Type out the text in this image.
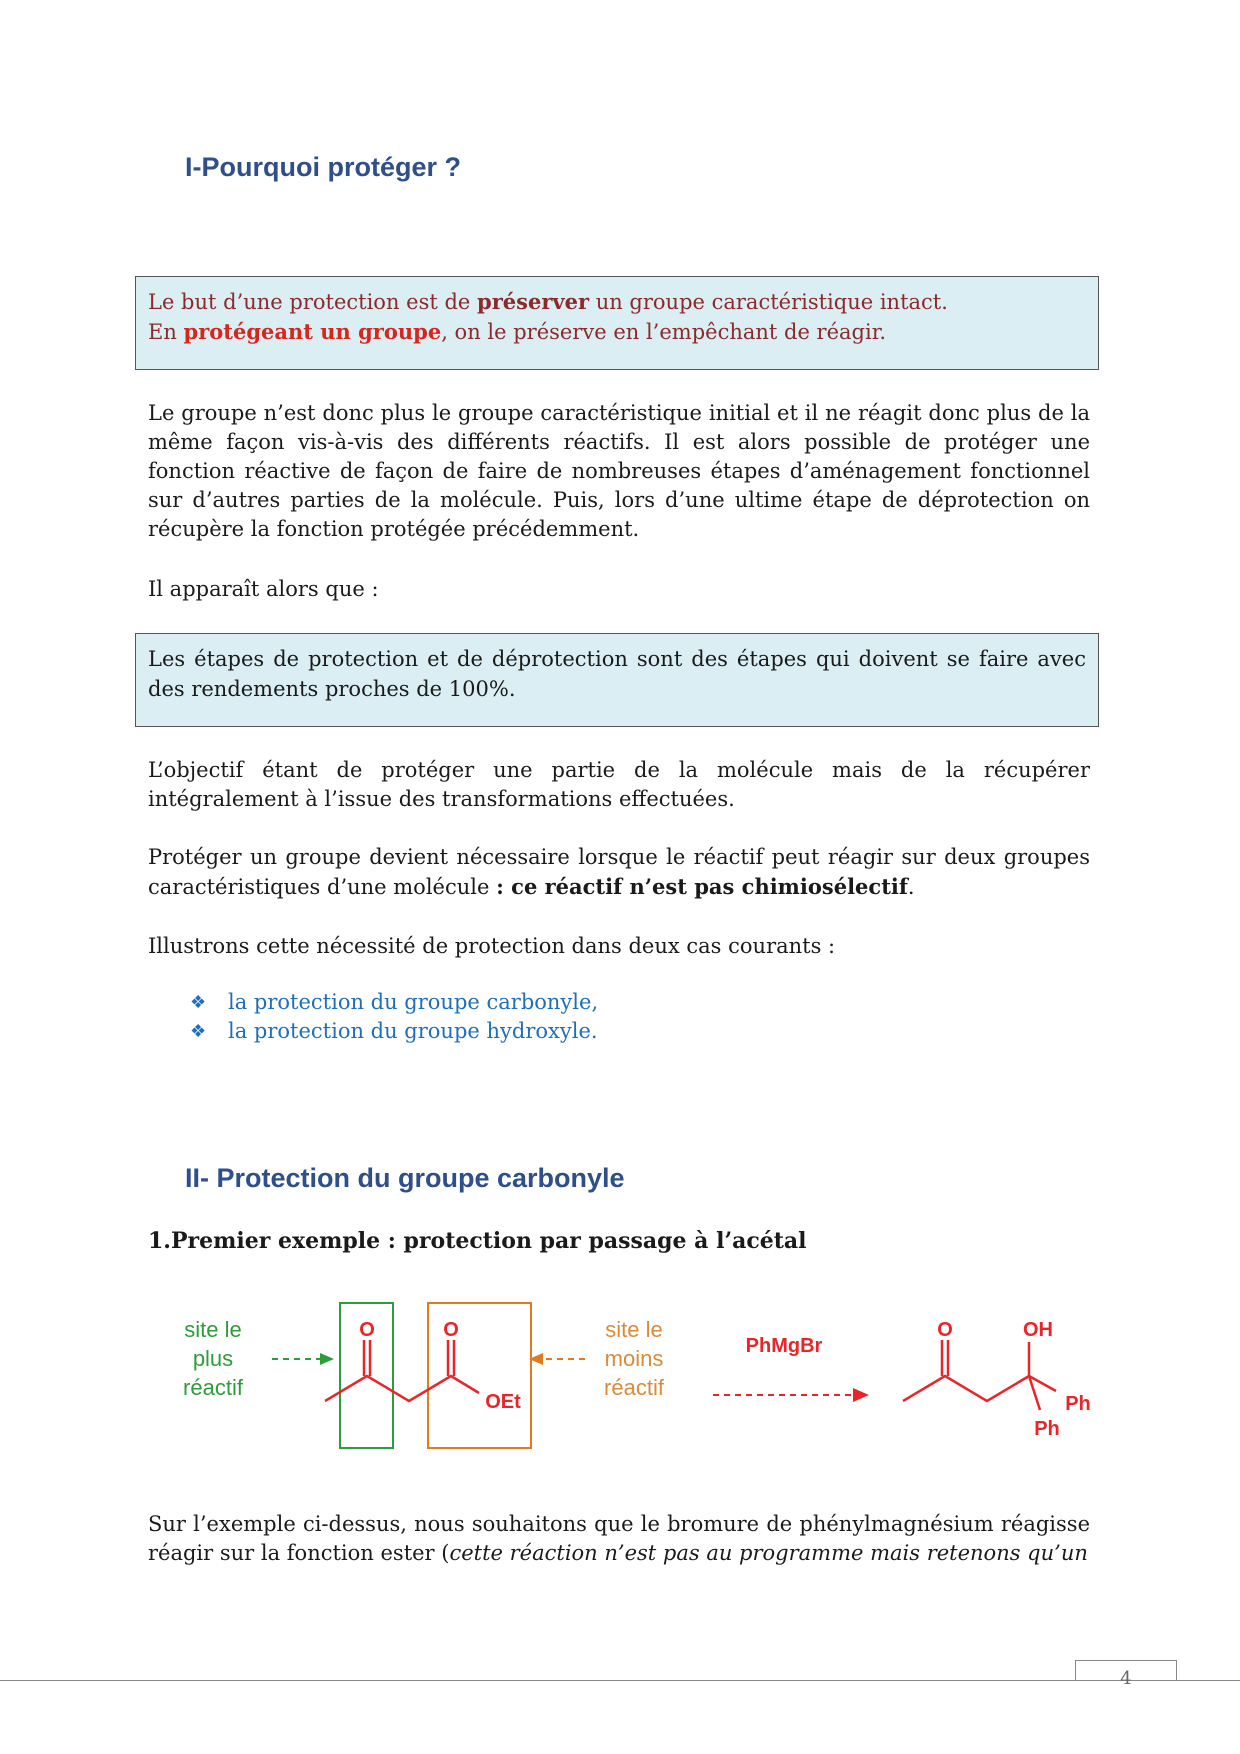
I-Pourquoi protéger ?
Le but d’une protection est de préserver un groupe caractéristique intact.
En protégeant un groupe, on le préserve en l’empêchant de réagir.

Le groupe n’est donc plus le groupe caractéristique initial et il ne réagit donc plus de la même façon vis-à-vis des différents réactifs. Il est alors possible de protéger une fonction réactive de façon de faire de nombreuses étapes d’aménagement fonctionnel sur d’autres parties de la molécule. Puis, lors d’une ultime étape de déprotection on récupère la fonction protégée précédemment.

Il apparaît alors que :

Les étapes de protection et de déprotection sont des étapes qui doivent se faire avec des rendements proches de 100%.

L’objectif étant de protéger une partie de la molécule mais de la récupérer intégralement à l’issue des transformations effectuées.

Protéger un groupe devient nécessaire lorsque le réactif peut réagir sur deux groupes caractéristiques d’une molécule : ce réactif n’est pas chimiosélectif.

Illustrons cette nécessité de protection dans deux cas courants :

❖	la protection du groupe carbonyle,
❖	la protection du groupe hydroxyle.
II- Protection du groupe carbonyle
1.Premier exemple : protection par passage à l’acétal
site le
plus
réactif
O	O
OEt
site le
moins
réactif
PhMgBr
O	OH
Ph
Ph

Sur l’exemple ci-dessus, nous souhaitons que le bromure de phénylmagnésium réagisse réagir sur la fonction ester (cette réaction n’est pas au programme mais retenons qu’un

4
